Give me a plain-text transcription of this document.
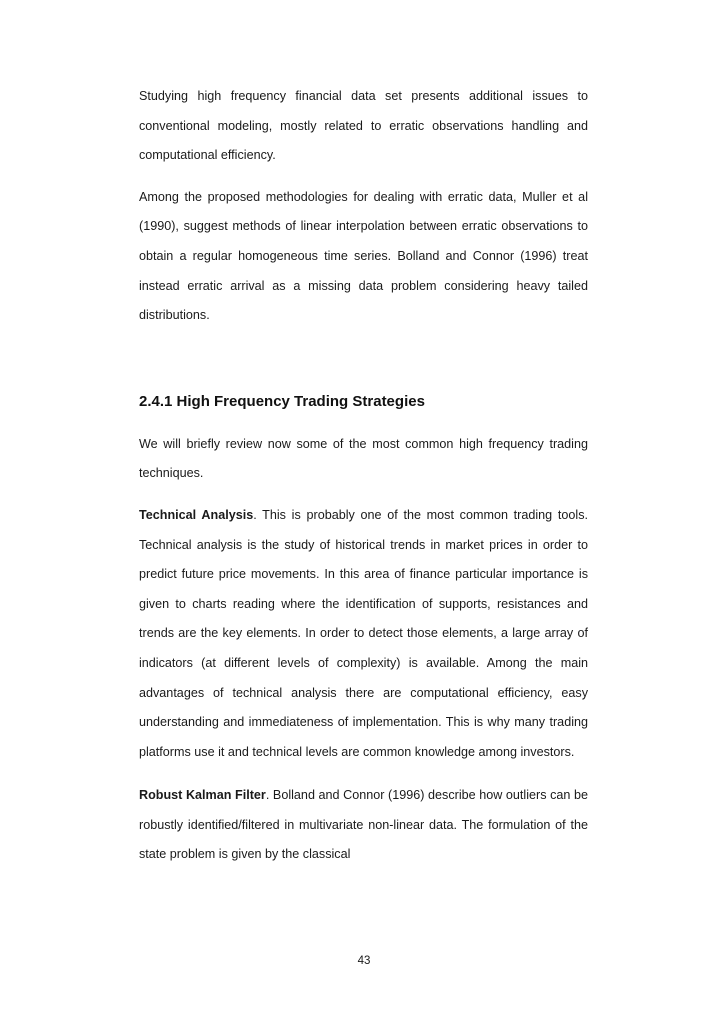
Studying high frequency financial data set presents additional issues to conventional modeling, mostly related to erratic observations handling and computational efficiency.

Among the proposed methodologies for dealing with erratic data, Muller et al (1990), suggest methods of linear interpolation between erratic observations to obtain a regular homogeneous time series. Bolland and Connor (1996) treat instead erratic arrival as a missing data problem considering heavy tailed distributions.

2.4.1 High Frequency Trading Strategies

We will briefly review now some of the most common high frequency trading techniques.

Technical Analysis. This is probably one of the most common trading tools. Technical analysis is the study of historical trends in market prices in order to predict future price movements. In this area of finance particular importance is given to charts reading where the identification of supports, resistances and trends are the key elements. In order to detect those elements, a large array of indicators (at different levels of complexity) is available. Among the main advantages of technical analysis there are computational efficiency, easy understanding and immediateness of implementation. This is why many trading platforms use it and technical levels are common knowledge among investors.

Robust Kalman Filter. Bolland and Connor (1996) describe how outliers can be robustly identified/filtered in multivariate non-linear data. The formulation of the state problem is given by the classical

43
